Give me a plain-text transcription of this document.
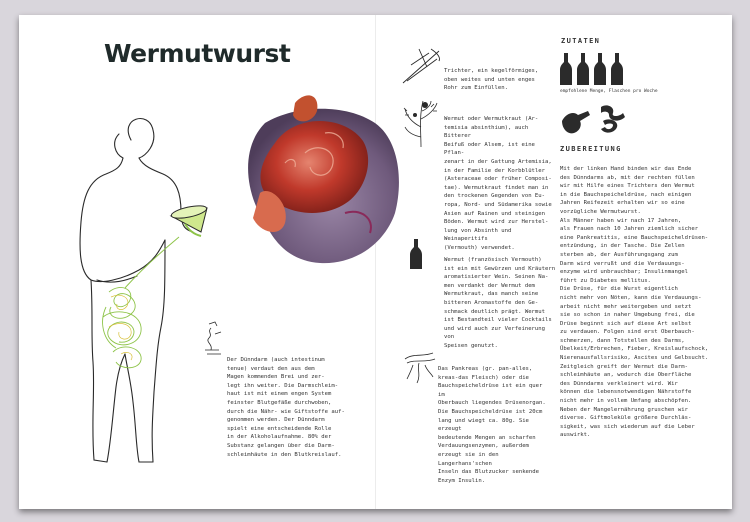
Wermutwurst
Der Dünndarm (auch intestinum
tenue) verdaut den aus dem
Magen kommenden Brei und zer-
legt ihn weiter. Die Darmschleim-
haut ist mit einem engen System
feinster Blutgefäße durchwoben,
durch die Nähr- wie Giftstoffe auf-
genommen werden. Der Dünndarm
spielt eine entscheidende Rolle
in der Alkoholaufnahme. 80% der
Substanz gelangen über die Darm-
schleimhäute in den Blutkreislauf.

Trichter, ein kegelförmiges,
oben weites und unten enges
Rohr zum Einfüllen.

Wermut oder Wermutkraut (Ar-
temisia absinthium), auch Bitterer
Beifuß oder Alsem, ist eine Pflan-
zenart in der Gattung Artemisia,
in der Familie der Korbblütler
(Asteraceae oder früher Composi-
tae). Wermutkraut findet man in
den trockenen Gegenden von Eu-
ropa, Nord- und Südamerika sowie
Asien auf Rainen und steinigen
Böden. Wermut wird zur Herstel-
lung von Absinth und Weinaperitifs
(Vermouth) verwendet.

Wermut (französisch Vermouth)
ist ein mit Gewürzen und Kräutern
aromatisierter Wein. Seinen Na-
men verdankt der Wermut dem
Wermutkraut, das manch seine
bitteren Aromastoffe den Ge-
schmack deutlich prägt. Wermut
ist Bestandteil vieler Cocktails
und wird auch zur Verfeinerung von
Speisen genutzt.

Das Pankreas (gr. pan-alles,
kreas-das Fleisch) oder die
Bauchspeicheldrüse ist ein quer im
Oberbauch liegendes Drüsenorgan.
Die Bauchspeicheldrüse ist 20cm
lang und wiegt ca. 80g. Sie erzeugt
bedeutende Mengen an scharfen
Verdauungsenzymen, außerdem
erzeugt sie in den Langerhans'schen
Inseln das Blutzucker senkende
Enzym Insulin.

ZUTATEN

empfohlene Menge, Flaschen pro Woche

ZUBEREITUNG

Mit der linken Hand binden wir das Ende
des Dünndarms ab, mit der rechten füllen
wir mit Hilfe eines Trichters den Wermut
in die Bauchspeicheldrüse, nach einigen
Jahren Reifezeit erhalten wir so eine
vorzügliche Wermutwurst.
Als Männer haben wir nach 17 Jahren,
als Frauen nach 10 Jahren ziemlich sicher
eine Pankreatitis, eine Bauchspeicheldrüsen-
entzündung, in der Tasche. Die Zellen
sterben ab, der Ausführungsgang zum
Darm wird verrußt und die Verdauungs-
enzyme wird unbrauchbar; Insulinmangel
führt zu Diabetes mellitus.
Die Drüse, für die Wurst eigentlich
nicht mehr von Nöten, kann die Verdauungs-
arbeit nicht mehr weitergeben und setzt
sie so schon in naher Umgebung frei, die
Drüse beginnt sich auf diese Art selbst
zu verdauen. Folgen sind erst Oberbauch-
schmerzen, dann Totstellen des Darms,
Übelkeit/Erbrechen, Fieber, Kreislaufschock,
Nierenausfallsrisiko, Ascites und Gelbsucht.
Zeitgleich greift der Wermut die Darm-
schleimhäute an, wodurch die Oberfläche
des Dünndarms verkleinert wird. Wir
können die lebensnotwendigen Nährstoffe
nicht mehr in vollem Umfang abschöpfen.
Neben der Mangelernährung gruschen wir
diverse. Giftmoleküle größere Durchläs-
sigkeit, was sich wiederum auf die Leber
auswirkt.
